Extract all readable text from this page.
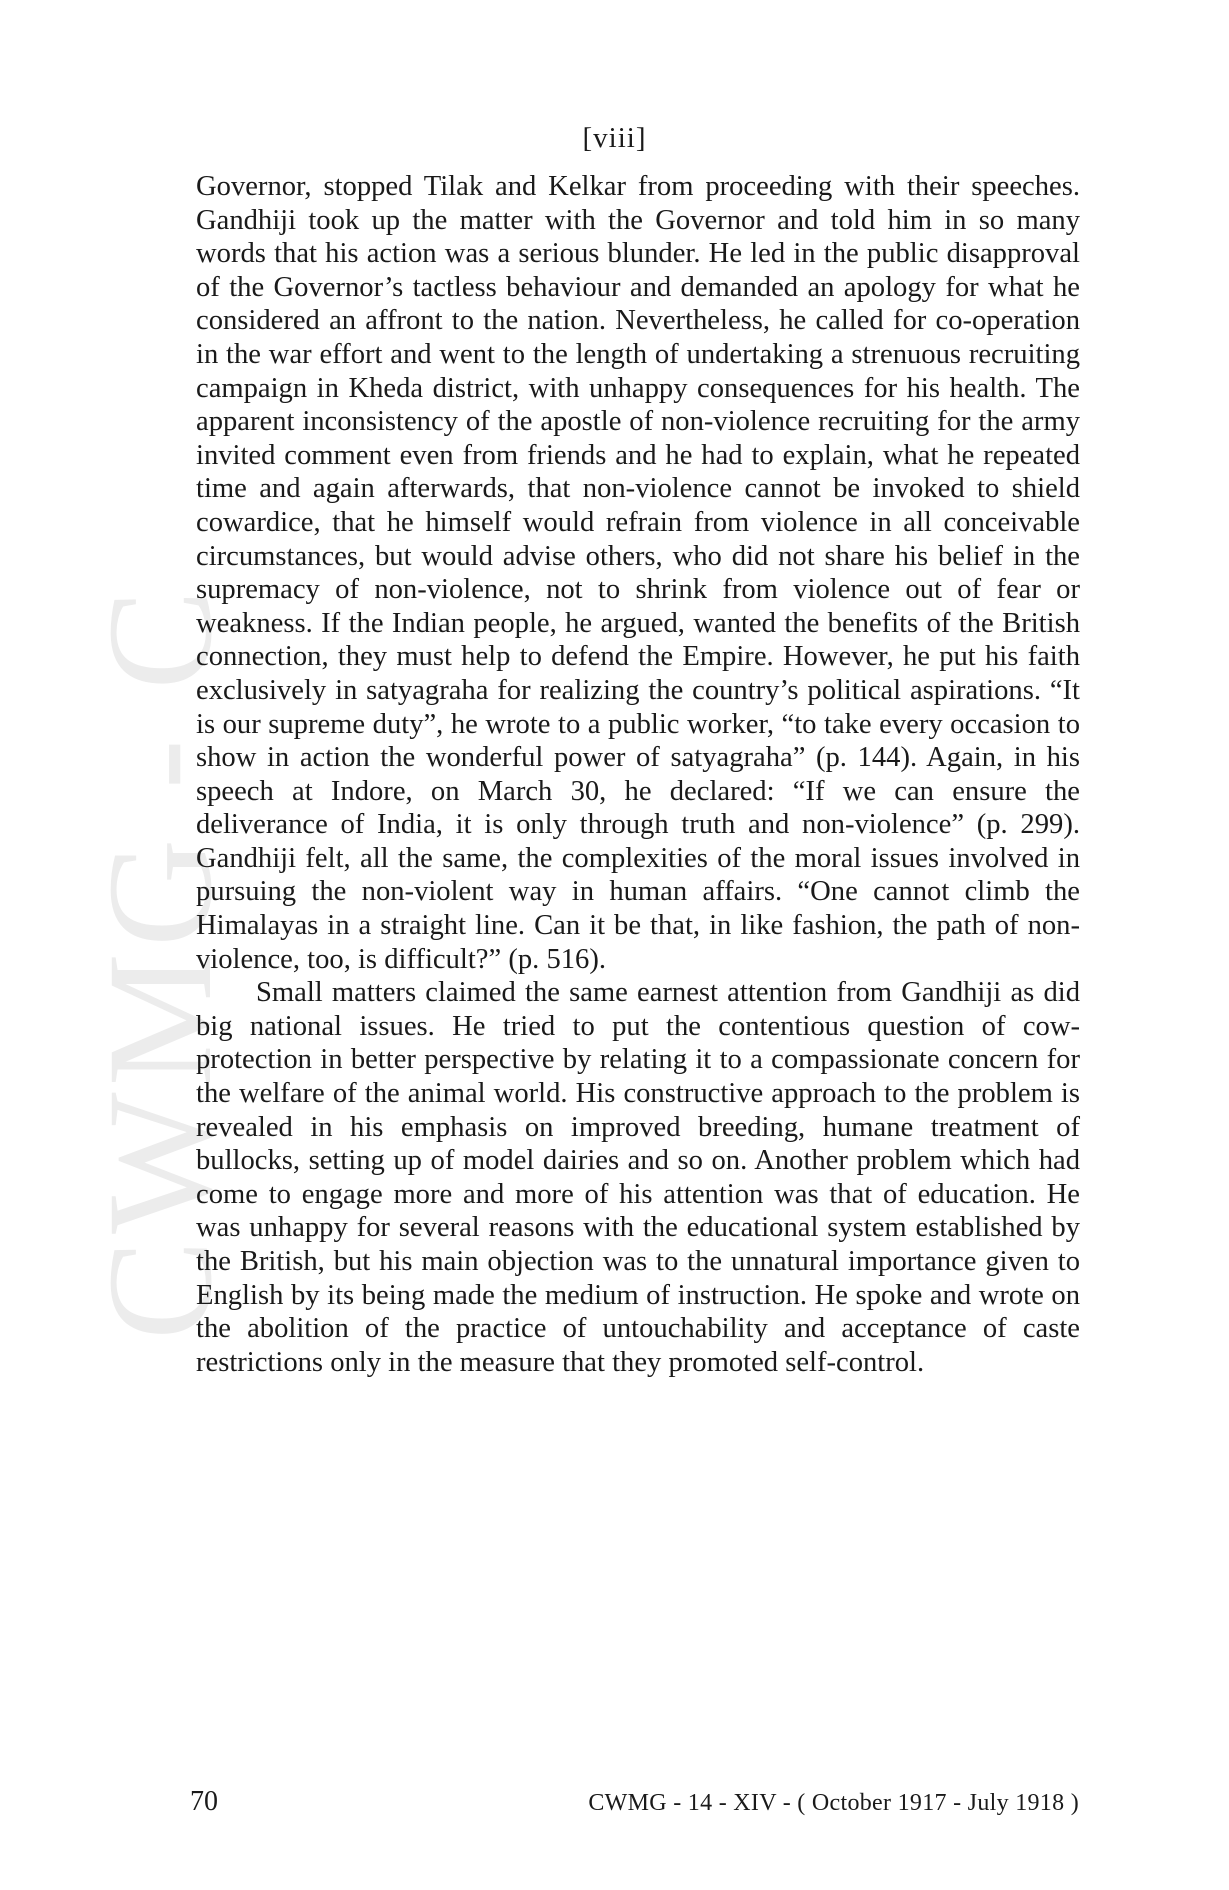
CWMG - C
[viii]

Governor, stopped Tilak and Kelkar from proceeding with their speeches. Gandhiji took up the matter with the Governor and told him in so many words that his action was a serious blunder. He led in the public disapproval of the Governor’s tactless behaviour and demanded an apology for what he considered an affront to the nation. Nevertheless, he called for co-operation in the war effort and went to the length of undertaking a strenuous recruiting campaign in Kheda district, with unhappy consequences for his health. The apparent inconsistency of the apostle of non-violence recruiting for the army invited comment even from friends and he had to explain, what he repeated time and again afterwards, that non-violence cannot be invoked to shield cowardice, that he himself would refrain from violence in all conceivable circumstances, but would advise others, who did not share his belief in the supremacy of non-violence, not to shrink from violence out of fear or weakness. If the Indian people, he argued, wanted the benefits of the British connection, they must help to defend the Empire. However, he put his faith exclusively in satyagraha for realizing the country’s political aspirations. “It is our supreme duty”, he wrote to a public worker, “to take every occasion to show in action the wonderful power of satyagraha” (p. 144). Again, in his speech at Indore, on March 30, he declared: “If we can ensure the deliverance of India, it is only through truth and non-violence” (p. 299). Gandhiji felt, all the same, the complexities of the moral issues involved in pursuing the non-violent way in human affairs. “One cannot climb the Himalayas in a straight line. Can it be that, in like fashion, the path of non-violence, too, is difficult?” (p. 516).

Small matters claimed the same earnest attention from Gandhiji as did big national issues. He tried to put the contentious question of cow-protection in better perspective by relating it to a compassionate concern for the welfare of the animal world. His constructive approach to the problem is revealed in his emphasis on improved breeding, humane treatment of bullocks, setting up of model dairies and so on. Another problem which had come to engage more and more of his attention was that of education. He was unhappy for several reasons with the educational system established by the British, but his main objection was to the unnatural importance given to English by its being made the medium of instruction. He spoke and wrote on the abolition of the practice of untouchability and acceptance of caste restrictions only in the measure that they promoted self-control.

70	CWMG - 14 - XIV - ( October 1917 - July 1918 )
